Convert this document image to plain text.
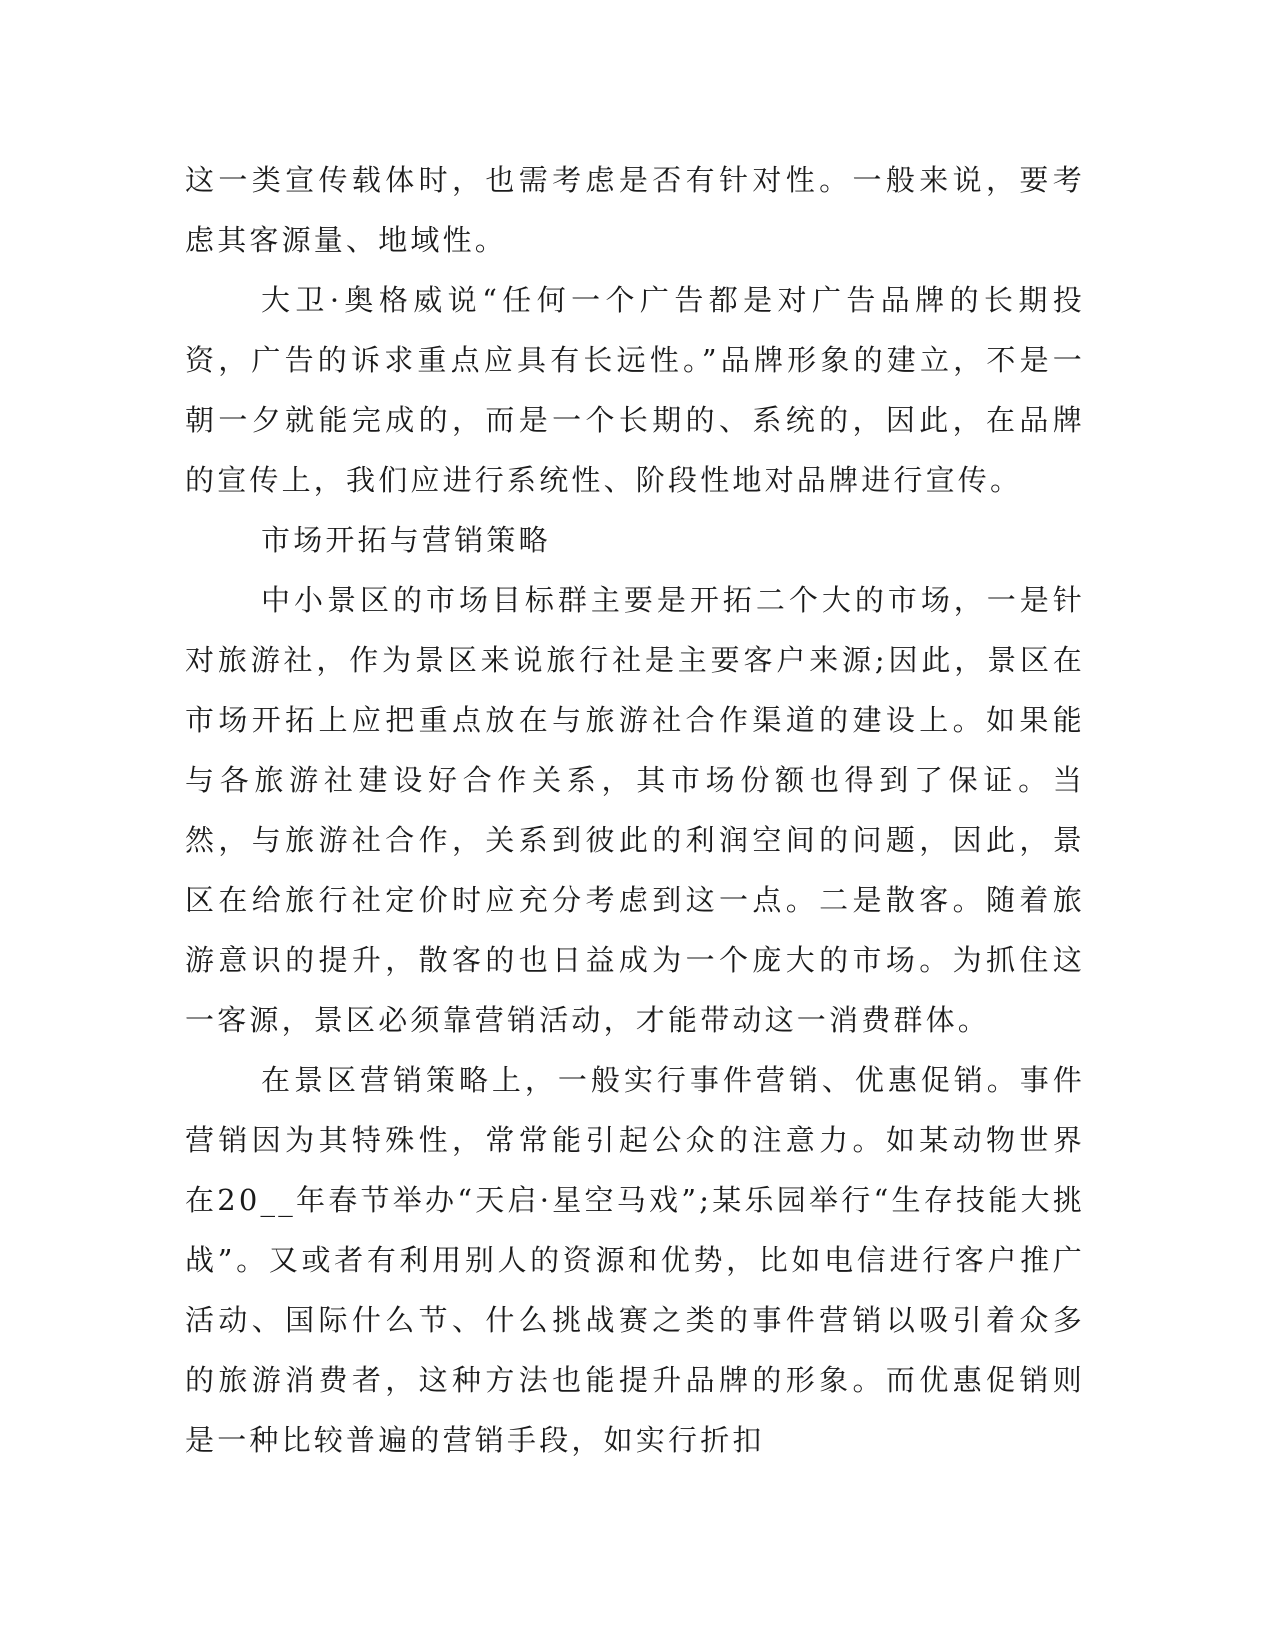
这一类宣传载体时，也需考虑是否有针对性。一般来说，要考虑其客源量、地域性。

大卫·奥格威说“任何一个广告都是对广告品牌的长期投资，广告的诉求重点应具有长远性。”品牌形象的建立，不是一朝一夕就能完成的，而是一个长期的、系统的，因此，在品牌的宣传上，我们应进行系统性、阶段性地对品牌进行宣传。

市场开拓与营销策略

中小景区的市场目标群主要是开拓二个大的市场，一是针对旅游社，作为景区来说旅行社是主要客户来源;因此，景区在市场开拓上应把重点放在与旅游社合作渠道的建设上。如果能与各旅游社建设好合作关系，其市场份额也得到了保证。当然，与旅游社合作，关系到彼此的利润空间的问题，因此，景区在给旅行社定价时应充分考虑到这一点。二是散客。随着旅游意识的提升，散客的也日益成为一个庞大的市场。为抓住这一客源，景区必须靠营销活动，才能带动这一消费群体。

在景区营销策略上，一般实行事件营销、优惠促销。事件营销因为其特殊性，常常能引起公众的注意力。如某动物世界在20__年春节举办“天启·星空马戏”;某乐园举行“生存技能大挑战”。又或者有利用别人的资源和优势，比如电信进行客户推广活动、国际什么节、什么挑战赛之类的事件营销以吸引着众多的旅游消费者，这种方法也能提升品牌的形象。而优惠促销则是一种比较普遍的营销手段，如实行折扣
